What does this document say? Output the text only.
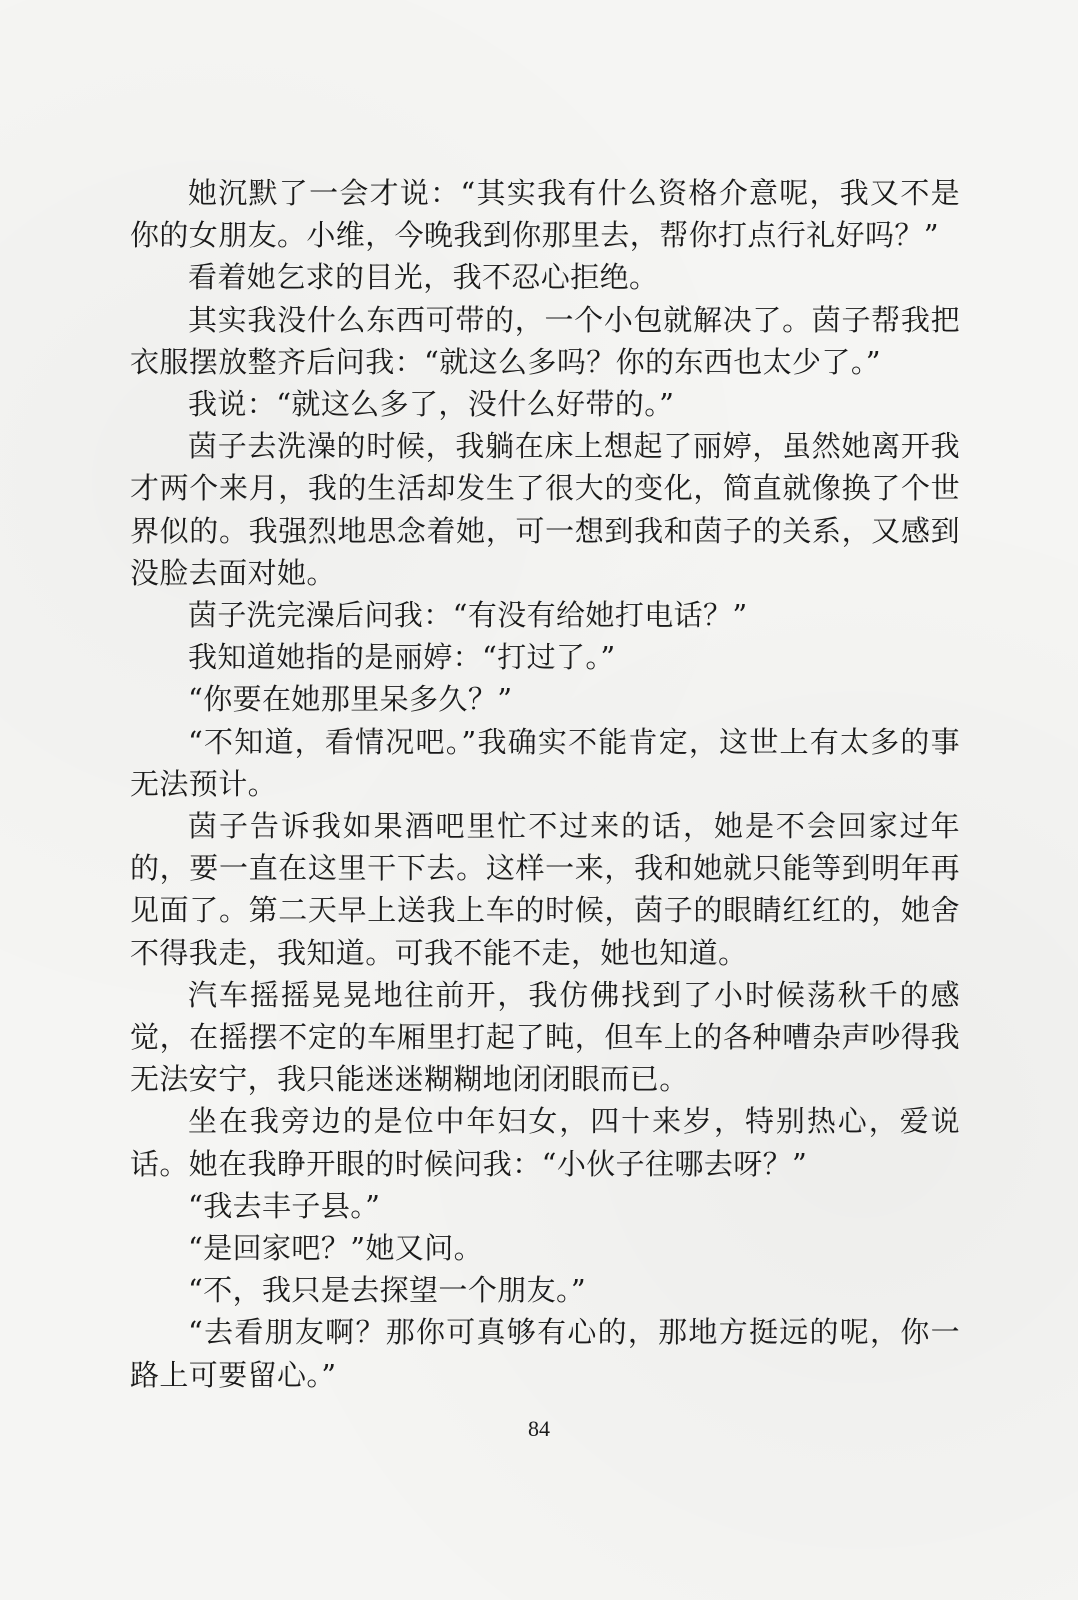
她沉默了一会才说：“其实我有什么资格介意呢，我又不是你的女朋友。小维，今晚我到你那里去，帮你打点行礼好吗？”

看着她乞求的目光，我不忍心拒绝。

其实我没什么东西可带的，一个小包就解决了。茵子帮我把衣服摆放整齐后问我：“就这么多吗？你的东西也太少了。”

我说：“就这么多了，没什么好带的。”

茵子去洗澡的时候，我躺在床上想起了丽婷，虽然她离开我才两个来月，我的生活却发生了很大的变化，简直就像换了个世界似的。我强烈地思念着她，可一想到我和茵子的关系，又感到没脸去面对她。

茵子洗完澡后问我：“有没有给她打电话？”

我知道她指的是丽婷：“打过了。”

“你要在她那里呆多久？”

“不知道，看情况吧。”我确实不能肯定，这世上有太多的事无法预计。

茵子告诉我如果酒吧里忙不过来的话，她是不会回家过年的，要一直在这里干下去。这样一来，我和她就只能等到明年再见面了。第二天早上送我上车的时候，茵子的眼睛红红的，她舍不得我走，我知道。可我不能不走，她也知道。

汽车摇摇晃晃地往前开，我仿佛找到了小时候荡秋千的感觉，在摇摆不定的车厢里打起了盹，但车上的各种嘈杂声吵得我无法安宁，我只能迷迷糊糊地闭闭眼而已。

坐在我旁边的是位中年妇女，四十来岁，特别热心，爱说话。她在我睁开眼的时候问我：“小伙子往哪去呀？”

“我去丰子县。”

“是回家吧？”她又问。

“不，我只是去探望一个朋友。”

“去看朋友啊？那你可真够有心的，那地方挺远的呢，你一路上可要留心。”

84
